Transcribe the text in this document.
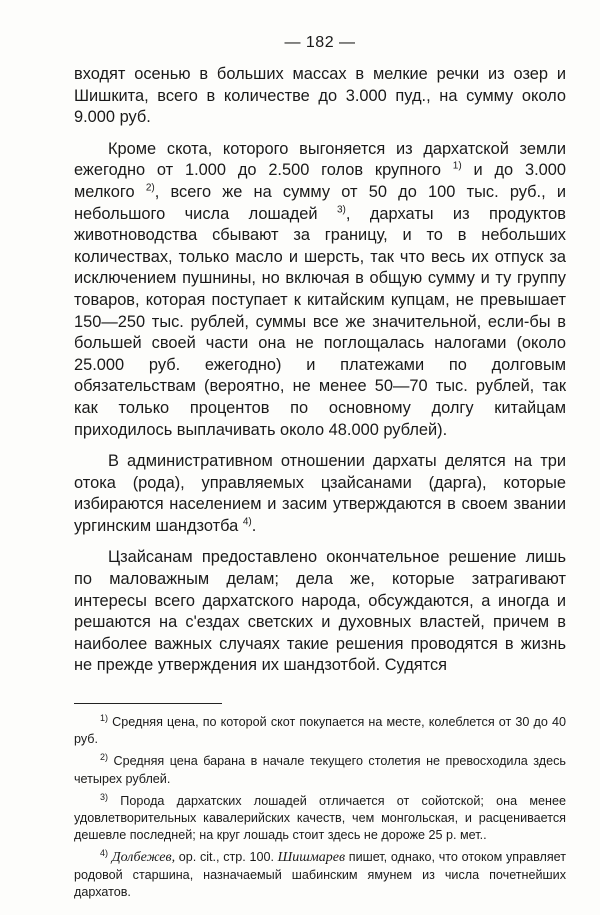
— 182 —

входят осенью в больших массах в мелкие речки из озер и Шишкита, всего в количестве до 3.000 пуд., на сумму около 9.000 руб.

Кроме скота, которого выгоняется из дархатской земли ежегодно от 1.000 до 2.500 голов крупного $^{1)}$ и до 3.000 мелкого $^{2)}$, всего же на сумму от 50 до 100 тыс. руб., и небольшого числа лошадей $^{3)}$, дархаты из продуктов животноводства сбывают за границу, и то в небольших количествах, только масло и шерсть, так что весь их отпуск за исключением пушнины, но включая в общую сумму и ту группу товаров, которая поступает к китайским купцам, не превышает 150—250 тыс. рублей, суммы все же значительной, если-бы в большей своей части она не поглощалась налогами (около 25.000 руб. ежегодно) и платежами по долговым обязательствам (вероятно, не менее 50—70 тыс. рублей, так как только процентов по основному долгу китайцам приходилось выплачивать около 48.000 рублей).

В административном отношении дархаты делятся на три отока (рода), управляемых цзайсанами (дарга), которые избираются населением и засим утверждаются в своем звании ургинским шандзотба $^{4)}$.

Цзайсанам предоставлено окончательное решение лишь по маловажным делам; дела же, которые затрагивают интересы всего дархатского народа, обсуждаются, а иногда и решаются на с'ездах светских и духовных властей, причем в наиболее важных случаях такие решения проводятся в жизнь не прежде утверждения их шандзотбой. Судятся

$^{1)}$ Средняя цена, по которой скот покупается на месте, колеблется от 30 до 40 руб.

$^{2)}$ Средняя цена барана в начале текущего столетия не превосходила здесь четырех рублей.

$^{3)}$ Порода дархатских лошадей отличается от сойотской; она менее удовлетворительных кавалерийских качеств, чем монгольская, и расценивается дешевле последней; на круг лошадь стоит здесь не дороже 25 р. мет..

$^{4)}$ Долбежев, ор. cit., стр. 100. Шишмарев пишет, однако, что отоком управляет родовой старшина, назначаемый шабинским ямунем из числа почетнейших дархатов.
